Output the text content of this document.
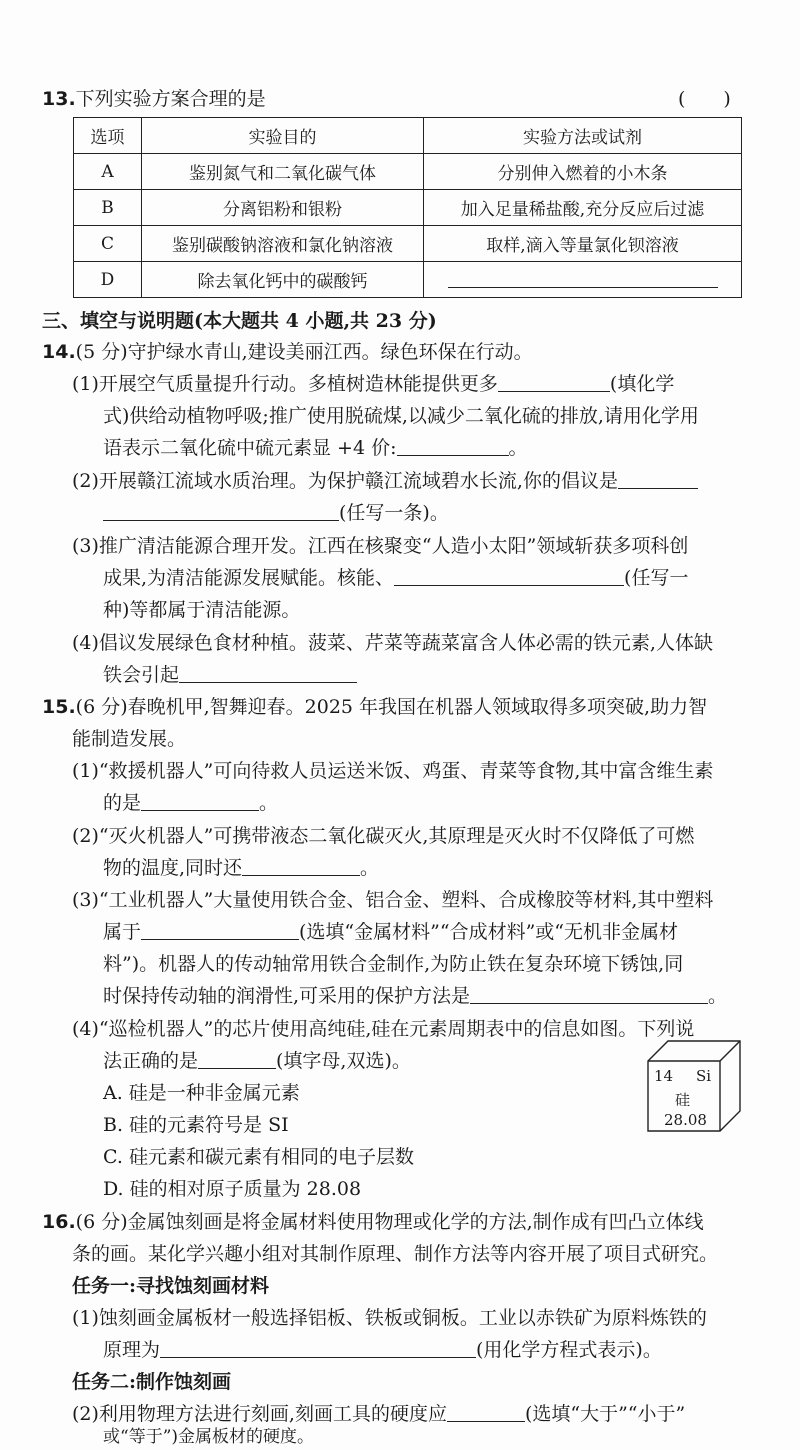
13.下列实验方案合理的是	(　　)
选项	实验目的	实验方法或试剂
A	鉴别氮气和二氧化碳气体	分别伸入燃着的小木条
B	分离铝粉和银粉	加入足量稀盐酸,充分反应后过滤
C	鉴别碳酸钠溶液和氯化钠溶液	取样,滴入等量氯化钡溶液
D	除去氧化钙中的碳酸钙	
三、填空与说明题(本大题共 4 小题,共 23 分)
14.(5 分)守护绿水青山,建设美丽江西。绿色环保在行动。
(1)开展空气质量提升行动。多植树造林能提供更多	(填化学
式)供给动植物呼吸;推广使用脱硫煤,以减少二氧化硫的排放,请用化学用
语表示二氧化硫中硫元素显 +4 价:	。
(2)开展赣江流域水质治理。为保护赣江流域碧水长流,你的倡议是
(任写一条)。
(3)推广清洁能源合理开发。江西在核聚变“人造小太阳”领域斩获多项科创
成果,为清洁能源发展赋能。核能、	(任写一
种)等都属于清洁能源。
(4)倡议发展绿色食材种植。菠菜、芹菜等蔬菜富含人体必需的铁元素,人体缺
铁会引起
15.(6 分)春晚机甲,智舞迎春。2025 年我国在机器人领域取得多项突破,助力智
能制造发展。
(1)“救援机器人”可向待救人员运送米饭、鸡蛋、青菜等食物,其中富含维生素
的是	。
(2)“灭火机器人”可携带液态二氧化碳灭火,其原理是灭火时不仅降低了可燃
物的温度,同时还	。
(3)“工业机器人”大量使用铁合金、铝合金、塑料、合成橡胶等材料,其中塑料
属于	(选填“金属材料”“合成材料”或“无机非金属材
料”)。机器人的传动轴常用铁合金制作,为防止铁在复杂环境下锈蚀,同
时保持传动轴的润滑性,可采用的保护方法是	。
(4)“巡检机器人”的芯片使用高纯硅,硅在元素周期表中的信息如图。下列说
法正确的是	(填字母,双选)。
A. 硅是一种非金属元素
B. 硅的元素符号是 SI
C. 硅元素和碳元素有相同的电子层数
D. 硅的相对原子质量为 28.08
14 Si
硅
28.08
16.(6 分)金属蚀刻画是将金属材料使用物理或化学的方法,制作成有凹凸立体线
条的画。某化学兴趣小组对其制作原理、制作方法等内容开展了项目式研究。
任务一:寻找蚀刻画材料
(1)蚀刻画金属板材一般选择铝板、铁板或铜板。工业以赤铁矿为原料炼铁的
原理为	(用化学方程式表示)。
任务二:制作蚀刻画
(2)利用物理方法进行刻画,刻画工具的硬度应	(选填“大于”“小于”
或“等于”)金属板材的硬度。
